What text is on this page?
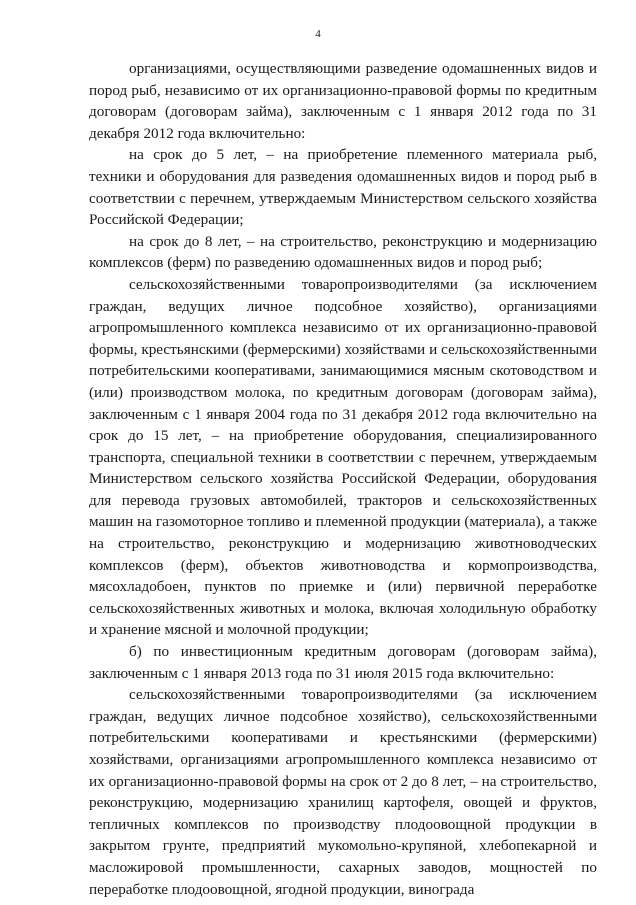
4

организациями, осуществляющими разведение одомашненных видов и пород рыб, независимо от их организационно-правовой формы по кредитным договорам (договорам займа), заключенным с 1 января 2012 года по 31 декабря 2012 года включительно:

на срок до 5 лет, – на приобретение племенного материала рыб, техники и оборудования для разведения одомашненных видов и пород рыб в соответствии с перечнем, утверждаемым Министерством сельского хозяйства Российской Федерации;

на срок до 8 лет, – на строительство, реконструкцию и модернизацию комплексов (ферм) по разведению одомашненных видов и пород рыб;

сельскохозяйственными товаропроизводителями (за исключением граждан, ведущих личное подсобное хозяйство), организациями агропромышленного комплекса независимо от их организационно-правовой формы, крестьянскими (фермерскими) хозяйствами и сельскохозяйственными потребительскими кооперативами, занимающимися мясным скотоводством и (или) производством молока, по кредитным договорам (договорам займа), заключенным с 1 января 2004 года по 31 декабря 2012 года включительно на срок до 15 лет, – на приобретение оборудования, специализированного транспорта, специальной техники в соответствии с перечнем, утверждаемым Министерством сельского хозяйства Российской Федерации, оборудования для перевода грузовых автомобилей, тракторов и сельскохозяйственных машин на газомоторное топливо и племенной продукции (материала), а также на строительство, реконструкцию и модернизацию животноводческих комплексов (ферм), объектов животноводства и кормопроизводства, мясохладобоен, пунктов по приемке и (или) первичной переработке сельскохозяйственных животных и молока, включая холодильную обработку и хранение мясной и молочной продукции;

б) по инвестиционным кредитным договорам (договорам займа), заключенным с 1 января 2013 года по 31 июля 2015 года включительно:

сельскохозяйственными товаропроизводителями (за исключением граждан, ведущих личное подсобное хозяйство), сельскохозяйственными потребительскими кооперативами и крестьянскими (фермерскими) хозяйствами, организациями агропромышленного комплекса независимо от их организационно-правовой формы на срок от 2 до 8 лет, – на строительство, реконструкцию, модернизацию хранилищ картофеля, овощей и фруктов, тепличных комплексов по производству плодоовощной продукции в закрытом грунте, предприятий мукомольно-крупяной, хлебопекарной и масложировой промышленности, сахарных заводов, мощностей по переработке плодоовощной, ягодной продукции, винограда
